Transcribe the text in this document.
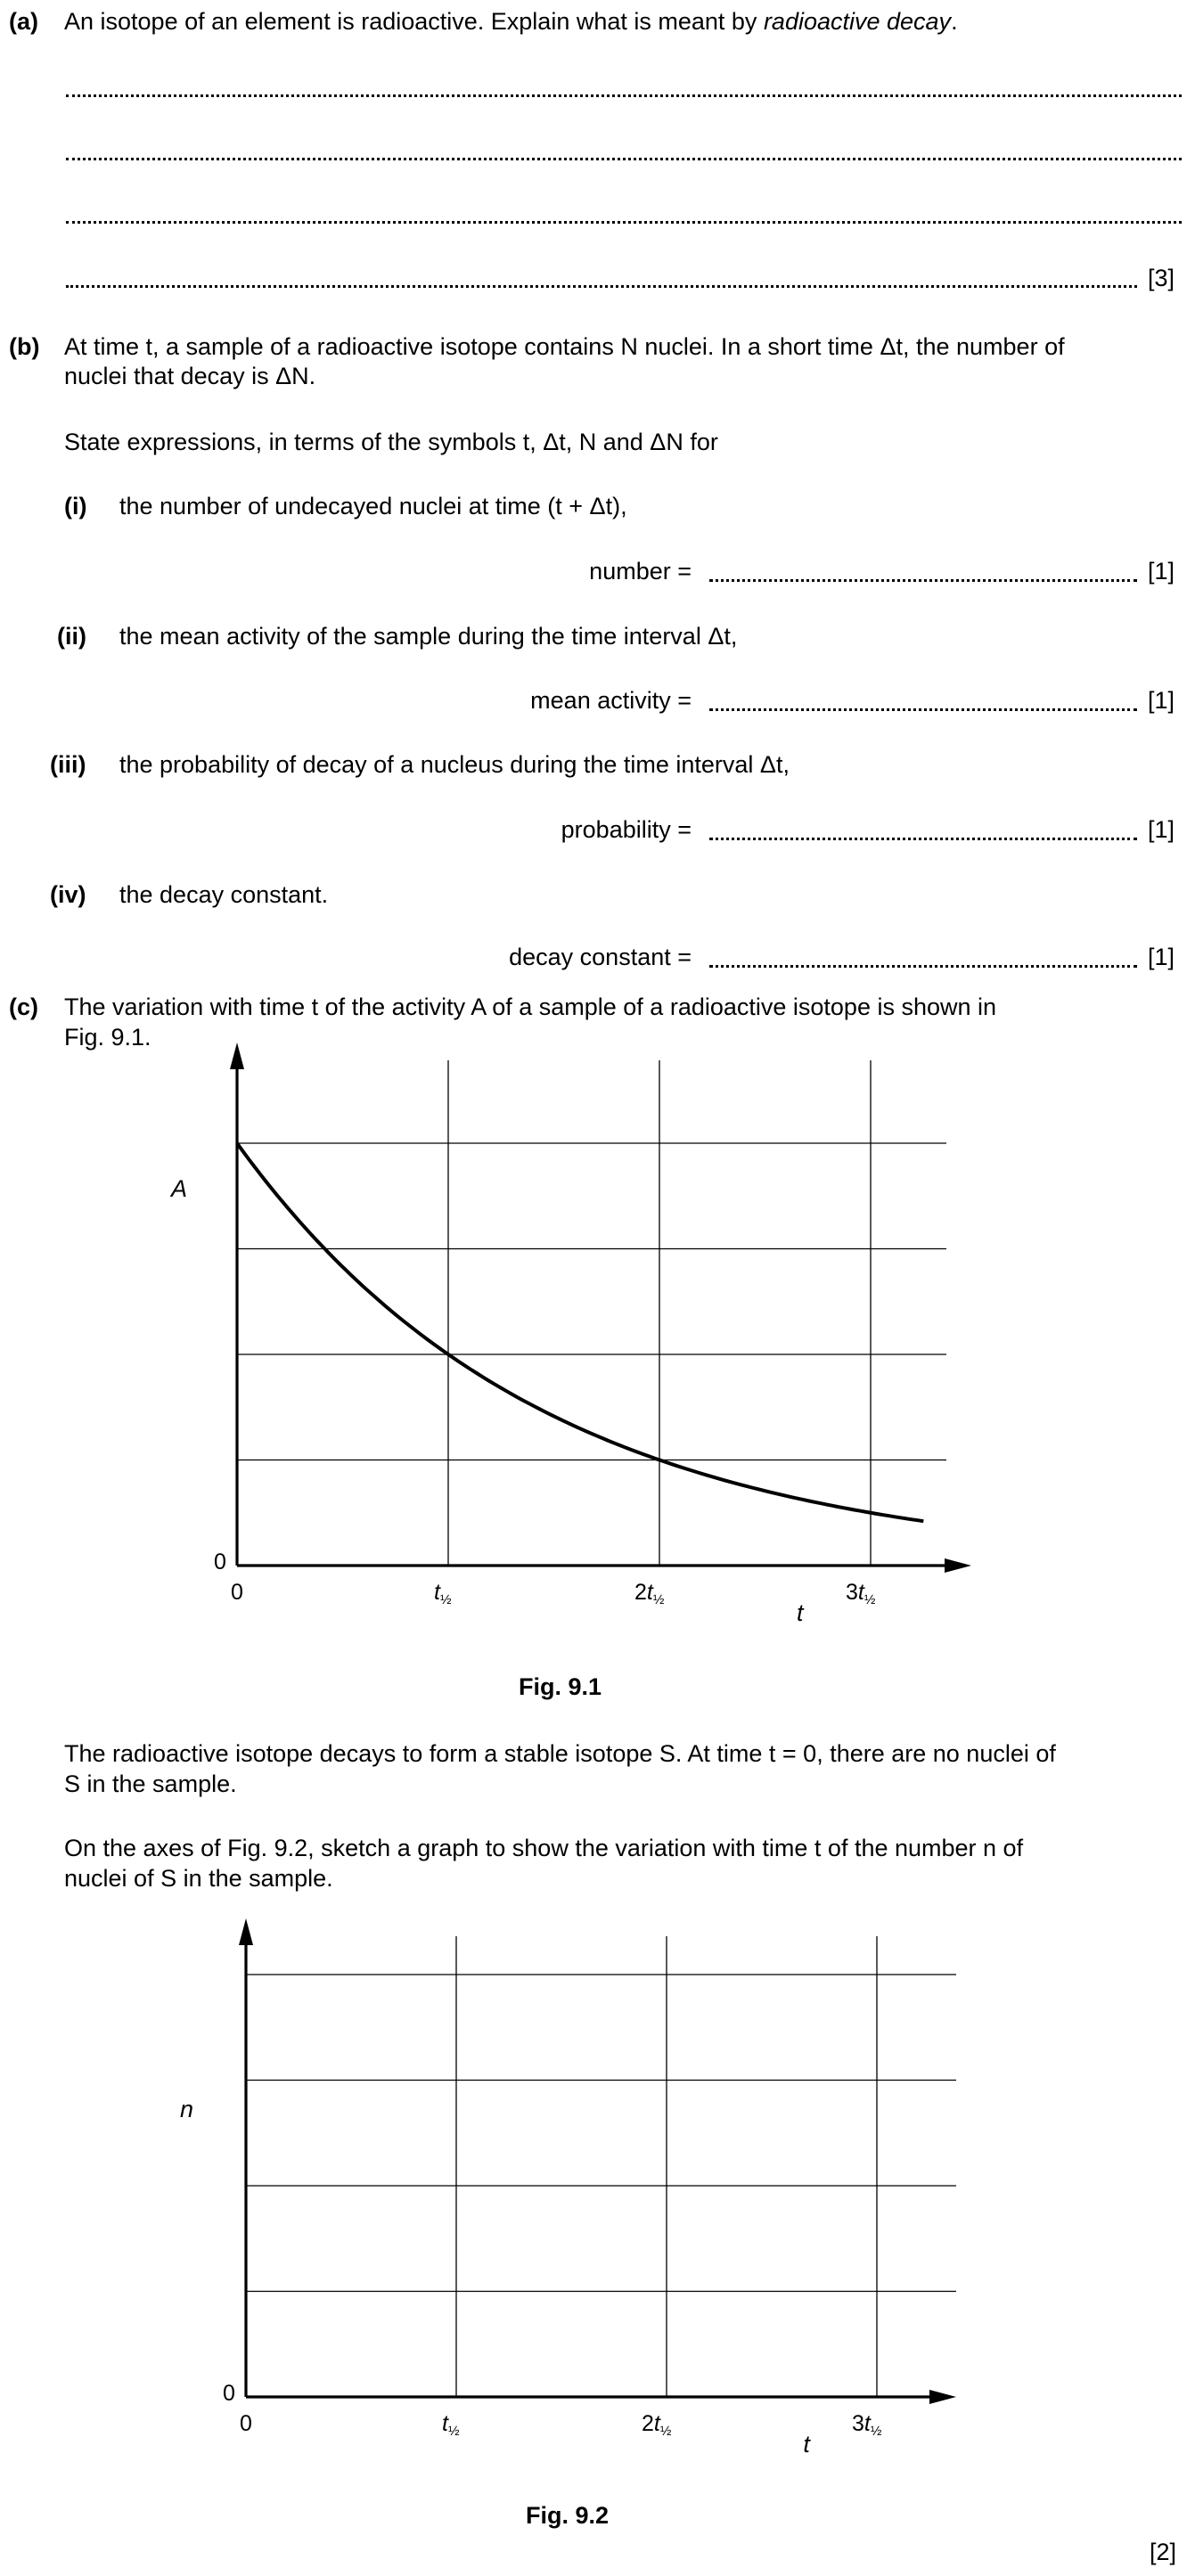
(a) An isotope of an element is radioactive. Explain what is meant by radioactive decay.
[3]
(b) At time t, a sample of a radioactive isotope contains N nuclei. In a short time Δt, the number of
nuclei that decay is ΔN.
State expressions, in terms of the symbols t, Δt, N and ΔN for
(i) the number of undecayed nuclei at time (t + Δt),
number =	[1]
(ii) the mean activity of the sample during the time interval Δt,
mean activity =	[1]
(iii) the probability of decay of a nucleus during the time interval Δt,
probability =	[1]
(iv) the decay constant.
decay constant =	[1]
(c) The variation with time t of the activity A of a sample of a radioactive isotope is shown in
Fig. 9.1.
0
0	$t_{\frac{1}{2}}$	$2t_{\frac{1}{2}}$	$3t_{\frac{1}{2}}$
t
A
Fig. 9.1
The radioactive isotope decays to form a stable isotope S. At time t = 0, there are no nuclei of
S in the sample.
On the axes of Fig. 9.2, sketch a graph to show the variation with time t of the number n of
nuclei of S in the sample.
0
0	$t_{\frac{1}{2}}$	$2t_{\frac{1}{2}}$	$3t_{\frac{1}{2}}$
t
n
Fig. 9.2
[2]
